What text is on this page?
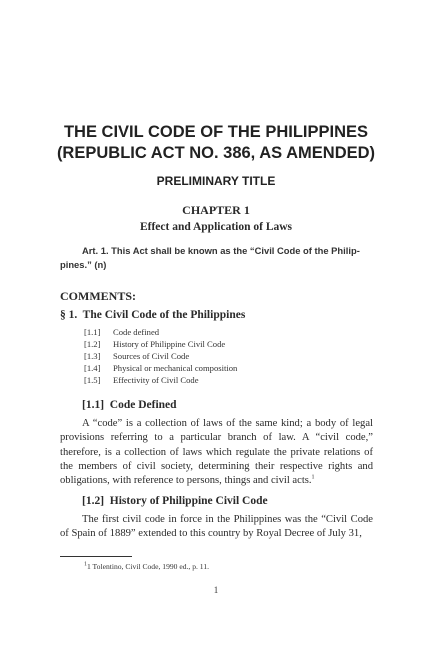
THE CIVIL CODE OF THE PHILIPPINES
(REPUBLIC ACT NO. 386, AS AMENDED)
PRELIMINARY TITLE
CHAPTER 1
Effect and Application of Laws
Art. 1. This Act shall be known as the “Civil Code of the Philip-
pines.” (n)
COMMENTS:
§ 1. The Civil Code of the Philippines
[1.1] Code defined
[1.2] History of Philippine Civil Code
[1.3] Sources of Civil Code
[1.4] Physical or mechanical composition
[1.5] Effectivity of Civil Code
[1.1]  Code Defined
A “code” is a collection of laws of the same kind; a body of legal provisions referring to a particular branch of law. A “civil code,” therefore, is a collection of laws which regulate the private relations of the members of civil society, determining their respective rights and obligations, with reference to persons, things and civil acts.$^1$
[1.2]  History of Philippine Civil Code
The first civil code in force in the Philippines was the “Civil Code of Spain of 1889” extended to this country by Royal Decree of July 31,
$^1$1 Tolentino, Civil Code, 1990 ed., p. 11.
1
